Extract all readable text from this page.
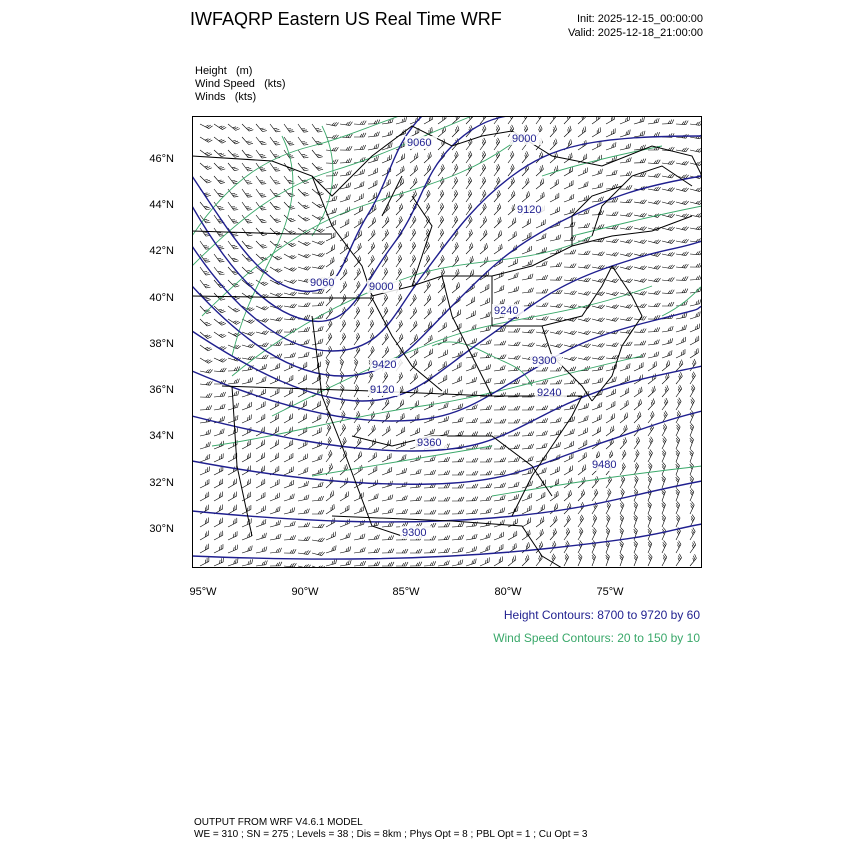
IWFAQRP Eastern US Real Time WRF	Init: 2025-12-15_00:00:00
Valid: 2025-12-18_21:00:00
Height (m)
Wind Speed (kts)
Winds (kts)
9060	9000
9120
9060	9000
9240
9120	9240
9360
9300
9300
9480
9420
46°N
44°N
42°N
40°N
38°N
36°N
34°N
32°N
30°N
95°W	90°W	85°W	80°W	75°W
Height Contours: 8700 to 9720 by 60
Wind Speed Contours: 20 to 150 by 10
OUTPUT FROM WRF V4.6.1 MODEL
WE = 310 ; SN = 275 ; Levels = 38 ; Dis = 8km ; Phys Opt = 8 ; PBL Opt = 1 ; Cu Opt = 3
